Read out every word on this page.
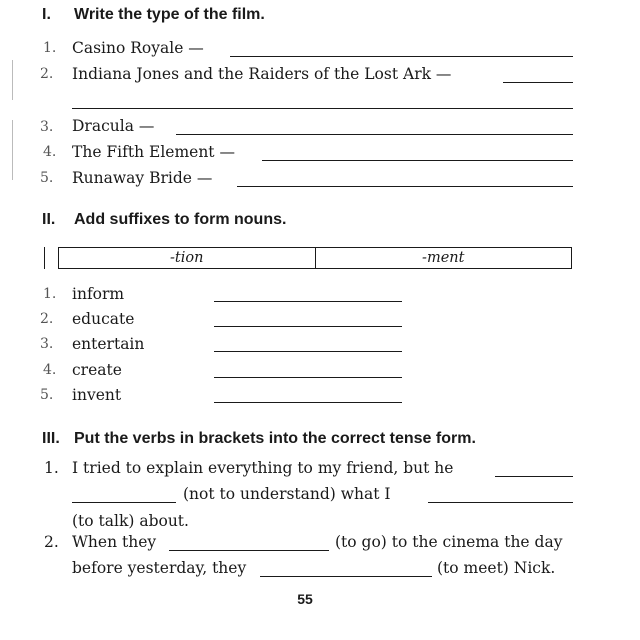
I. Write the type of the film.
1. Casino Royale —
2. Indiana Jones and the Raiders of the Lost Ark —
3. Dracula —
4. The Fifth Element —
5. Runaway Bride —
II. Add suffixes to form nouns.
-tion	-ment
1. inform
2. educate
3. entertain
4. create
5. invent
III. Put the verbs in brackets into the correct tense form.
1. I tried to explain everything to my friend, but he
(not to understand) what I
(to talk) about.
2. When they	(to go) to the cinema the day
before yesterday, they	(to meet) Nick.
55
